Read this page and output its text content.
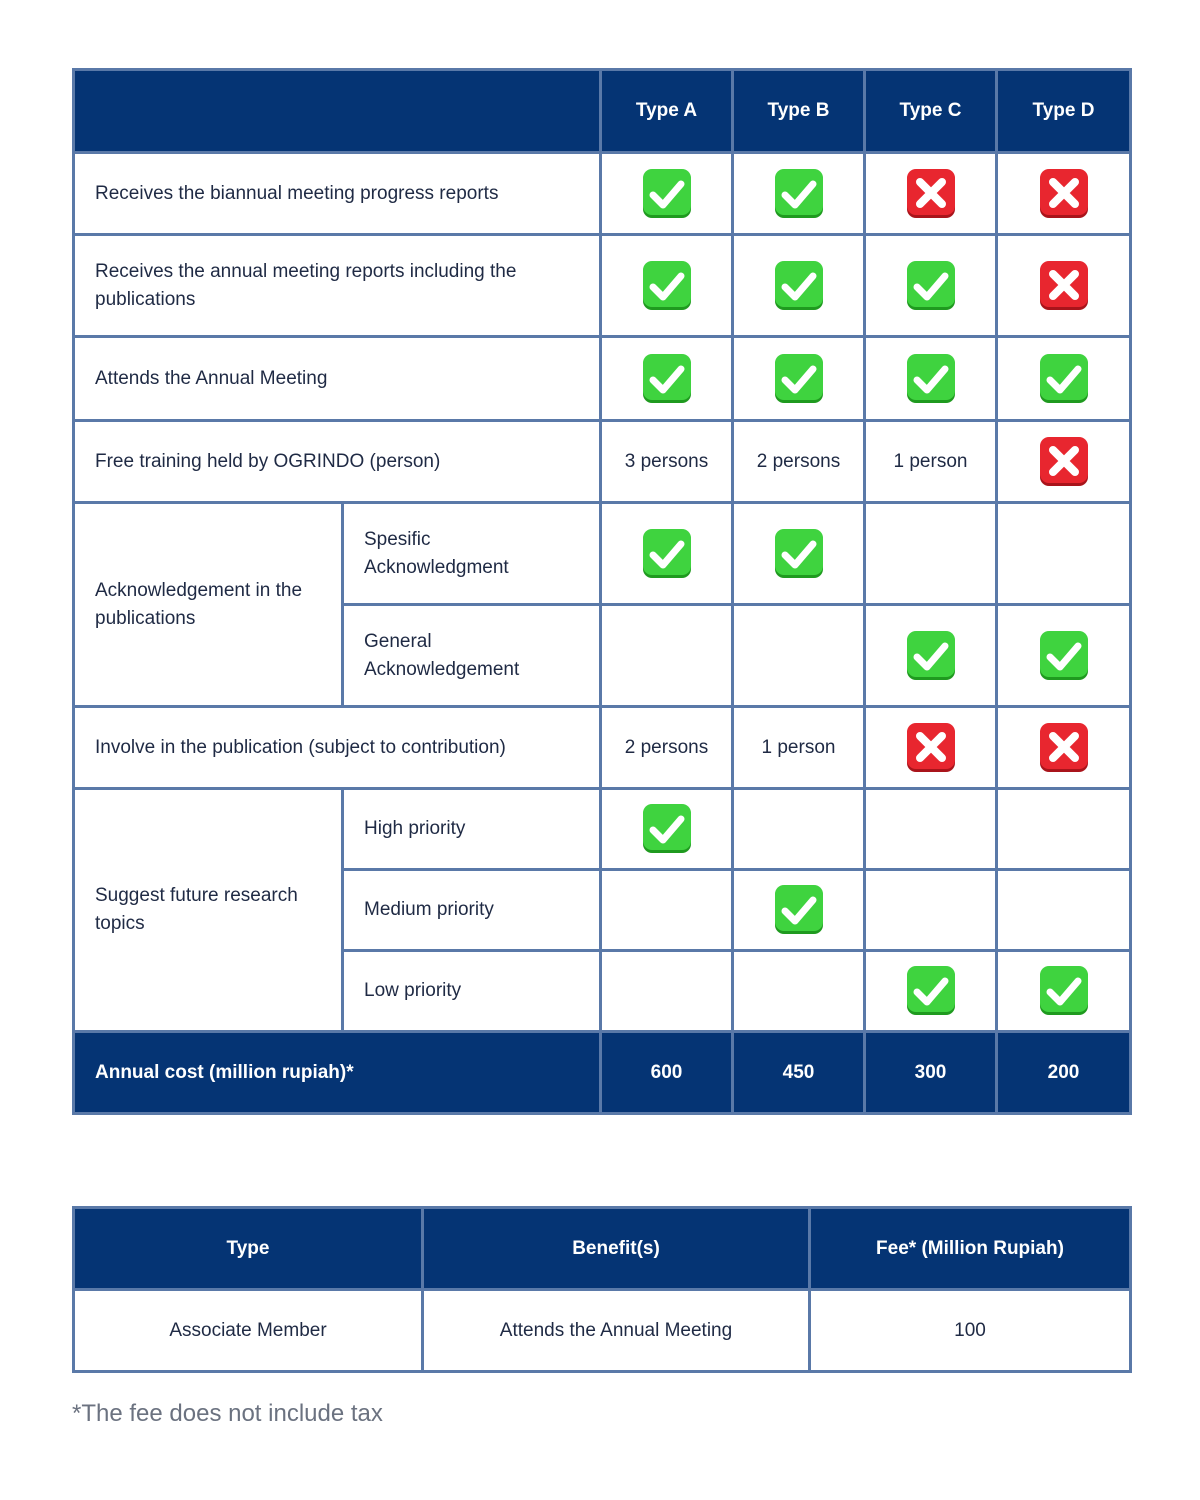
		Type A	Type B	Type C	Type D
Receives the biannual meeting progress reports	

Receives the annual meeting reports including the publications	

Attends the Annual Meeting	

Free training held by OGRINDO (person)		3 persons	2 persons	1 person	

Acknowledgement in the publications	Spesific Acknowledgment	

	General Acknowledgement			

Involve in the publication (subject to contribution)		2 persons	1 person	

Suggest future research topics	High priority	

	Medium priority		

	Low priority			

Annual cost (million rupiah)*		600	450	300	200
Type	Benefit(s)	Fee* (Million Rupiah)
Associate Member	Attends the Annual Meeting	100
*The fee does not include tax
